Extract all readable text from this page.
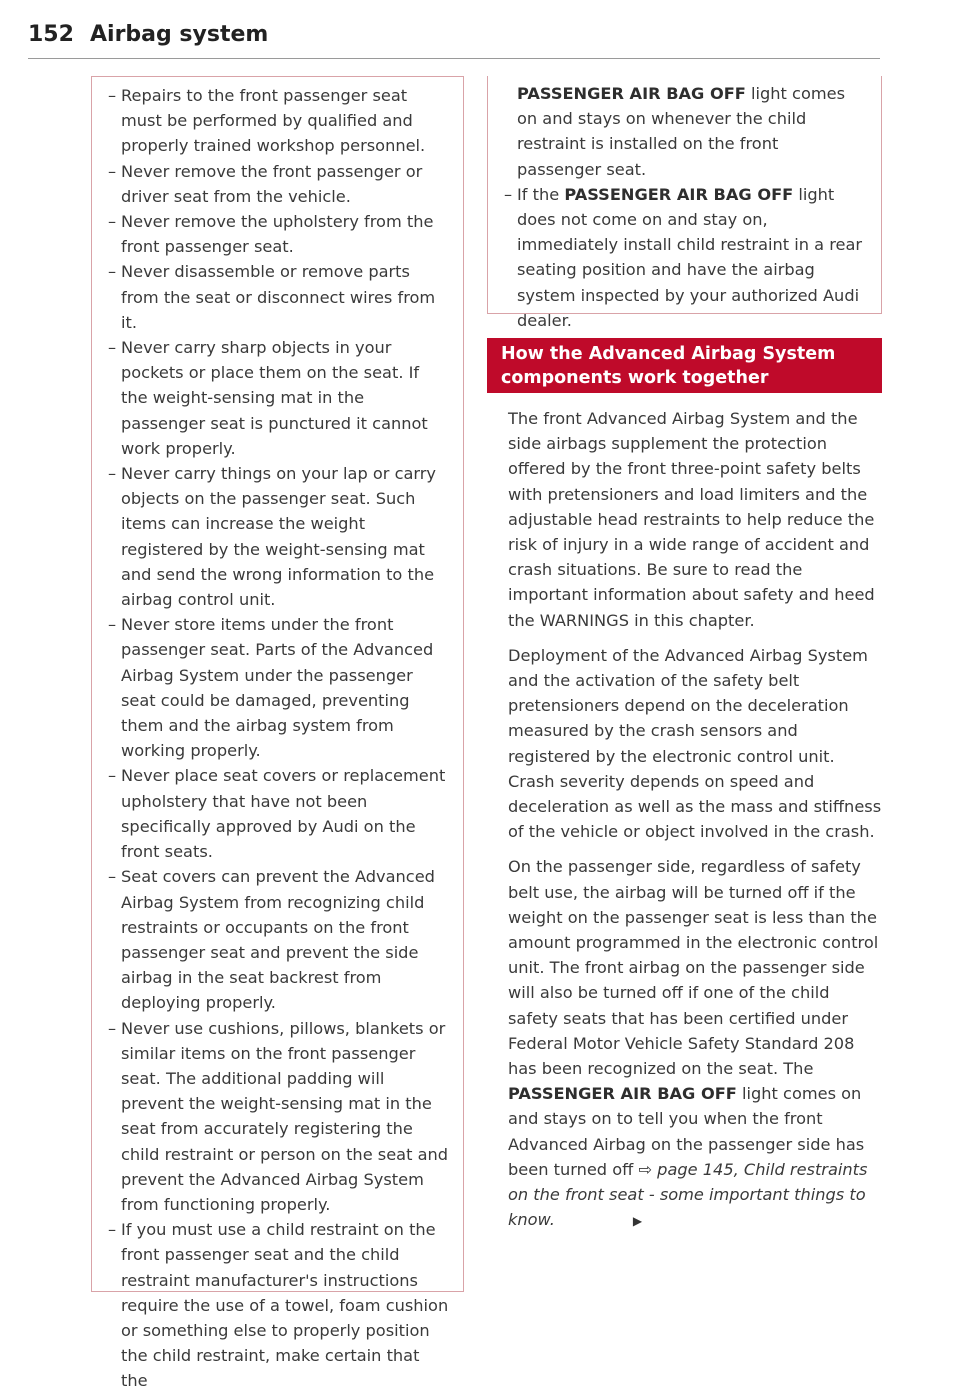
152 Airbag system
– Repairs to the front passenger seat must be performed by qualified and properly trained workshop personnel.
– Never remove the front passenger or driver seat from the vehicle.
– Never remove the upholstery from the front passenger seat.
– Never disassemble or remove parts from the seat or disconnect wires from it.
– Never carry sharp objects in your pockets or place them on the seat. If the weight-sensing mat in the passenger seat is punctured it cannot work properly.
– Never carry things on your lap or carry objects on the passenger seat. Such items can increase the weight registered by the weight-sensing mat and send the wrong information to the airbag control unit.
– Never store items under the front passenger seat. Parts of the Advanced Airbag System under the passenger seat could be damaged, preventing them and the airbag system from working properly.
– Never place seat covers or replacement upholstery that have not been specifically approved by Audi on the front seats.
– Seat covers can prevent the Advanced Airbag System from recognizing child restraints or occupants on the front passenger seat and prevent the side airbag in the seat backrest from deploying properly.
– Never use cushions, pillows, blankets or similar items on the front passenger seat. The additional padding will prevent the weight-sensing mat in the seat from accurately registering the child restraint or person on the seat and prevent the Advanced Airbag System from functioning properly.
– If you must use a child restraint on the front passenger seat and the child restraint manufacturer's instructions require the use of a towel, foam cushion or something else to properly position the child restraint, make certain that the

PASSENGER AIR BAG OFF light comes on and stays on whenever the child restraint is installed on the front passenger seat.

– If the PASSENGER AIR BAG OFF light does not come on and stay on, immediately install child restraint in a rear seating position and have the airbag system inspected by your authorized Audi dealer.
How the Advanced Airbag System components work together

The front Advanced Airbag System and the side airbags supplement the protection offered by the front three-point safety belts with pretensioners and load limiters and the adjustable head restraints to help reduce the risk of injury in a wide range of accident and crash situations. Be sure to read the important information about safety and heed the WARNINGS in this chapter.

Deployment of the Advanced Airbag System and the activation of the safety belt pretensioners depend on the deceleration measured by the crash sensors and registered by the electronic control unit. Crash severity depends on speed and deceleration as well as the mass and stiffness of the vehicle or object involved in the crash.

On the passenger side, regardless of safety belt use, the airbag will be turned off if the weight on the passenger seat is less than the amount programmed in the electronic control unit. The front airbag on the passenger side will also be turned off if one of the child safety seats that has been certified under Federal Motor Vehicle Safety Standard 208 has been recognized on the seat. The PASSENGER AIR BAG OFF light comes on and stays on to tell you when the front Advanced Airbag on the passenger side has been turned off ⇨ page 145, Child restraints on the front seat - some important things to know.	▶
